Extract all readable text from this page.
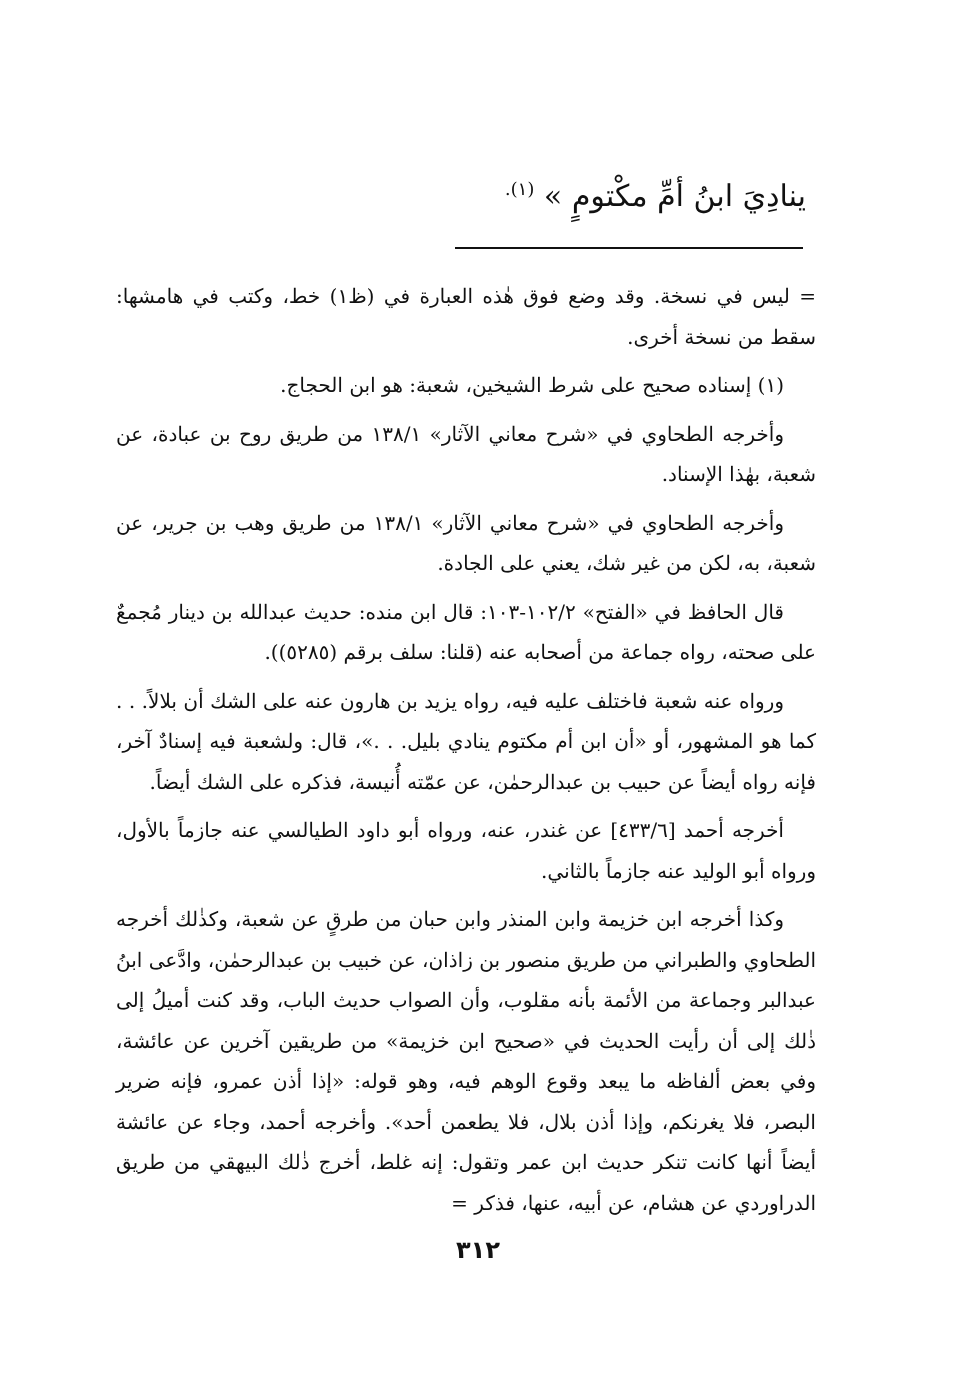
ينادِيَ ابنُ أمِّ مكْتومٍ » $^{(١).}$

= ليس في نسخة. وقد وضع فوق هٰذه العبارة في (ظ١) خط، وكتب في هامشها: سقط من نسخة أخرى.

(١) إسناده صحيح على شرط الشيخين، شعبة: هو ابن الحجاج.

وأخرجه الطحاوي في «شرح معاني الآثار» ١٣٨/١ من طريق روح بن عبادة، عن شعبة، بهٰذا الإسناد.

وأخرجه الطحاوي في «شرح معاني الآثار» ١٣٨/١ من طريق وهب بن جرير، عن شعبة، به، لكن من غير شك، يعني على الجادة.

قال الحافظ في «الفتح» ١٠٢/٢-١٠٣: قال ابن منده: حديث عبدالله بن دينار مُجمعٌ على صحته، رواه جماعة من أصحابه عنه (قلنا: سلف برقم (٥٢٨٥)).

ورواه عنه شعبة فاختلف عليه فيه، رواه يزيد بن هارون عنه على الشك أن بلالاً. . . كما هو المشهور، أو «أن ابن أم مكتوم ينادي بليل. . .»، قال: ولشعبة فيه إسنادٌ آخر، فإنه رواه أيضاً عن حبيب بن عبدالرحمٰن، عن عمّته أُنيسة، فذكره على الشك أيضاً.

أخرجه أحمد [٤٣٣/٦] عن غندر، عنه، ورواه أبو داود الطيالسي عنه جازماً بالأول، ورواه أبو الوليد عنه جازماً بالثاني.

وكذا أخرجه ابن خزيمة وابن المنذر وابن حبان من طرقٍ عن شعبة، وكذٰلك أخرجه الطحاوي والطبراني من طريق منصور بن زاذان، عن خبيب بن عبدالرحمٰن، وادَّعى ابنُ عبدالبر وجماعة من الأئمة بأنه مقلوب، وأن الصواب حديث الباب، وقد كنت أميلُ إلى ذٰلك إلى أن رأيت الحديث في «صحيح ابن خزيمة» من طريقين آخرين عن عائشة، وفي بعض ألفاظه ما يبعد وقوع الوهم فيه، وهو قوله: «إذا أذن عمرو، فإنه ضرير البصر، فلا يغرنكم، وإذا أذن بلال، فلا يطعمن أحد». وأخرجه أحمد، وجاء عن عائشة أيضاً أنها كانت تنكر حديث ابن عمر وتقول: إنه غلط، أخرج ذٰلك البيهقي من طريق الدراوردي عن هشام، عن أبيه، عنها، فذكر =

٣١٢
